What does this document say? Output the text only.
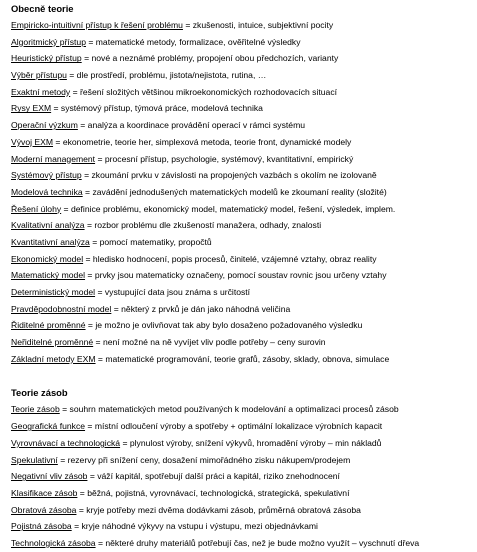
Obecně teorie
Empiricko-intuitivní přístup k řešení problému = zkušenosti, intuice, subjektivní pocity
Algoritmický přístup = matematické metody, formalizace, ověřitelné výsledky
Heuristický přístup = nové a neznámé problémy, propojení obou předchozích, varianty
Výběr přístupu = dle prostředí, problému, jistota/nejistota, rutina, …
Exaktní metody = řešení složitých většinou mikroekonomických rozhodovacích situací
Rysy EXM = systémový přístup, týmová práce, modelová technika
Operační výzkum = analýza a koordinace provádění operací v rámci systému
Vývoj EXM = ekonometrie, teorie her, simplexová metoda, teorie front, dynamické modely
Moderní management = procesní přístup, psychologie, systémový, kvantitativní, empirický
Systémový přístup = zkoumání prvku v závislosti na propojených vazbách s okolím ne izolovaně
Modelová technika = zavádění jednodušených matematických modelů ke zkoumaní reality (složité)
Řešení úlohy = definice problému, ekonomický model, matematický model, řešení, výsledek, implem.
Kvalitativní analýza = rozbor problému dle zkušeností manažera, odhady, znalosti
Kvantitativní analýza = pomocí matematiky, propočtů
Ekonomický model = hledisko hodnocení, popis procesů, činitelé, vzájemné vztahy, obraz reality
Matematický model = prvky jsou matematicky označeny, pomocí soustav rovnic jsou určeny vztahy
Deterministický model = vystupující data jsou známa s určitostí
Pravděpodobnostní model = některý z prvků je dán jako náhodná veličina
Řiditelné proměnné = je možno je ovlivňovat tak aby bylo dosaženo požadovaného výsledku
Neřiditelné proměnné = není možné na ně vyvíjet vliv podle potřeby – ceny surovin
Základní metody EXM = matematické programování, teorie grafů, zásoby, sklady, obnova, simulace
Teorie zásob
Teorie zásob = souhrn matematických metod používaných k modelování a optimalizaci procesů zásob
Geografická funkce = místní odloučení výroby a spotřeby + optimální lokalizace výrobních kapacit
Vyrovnávací a technologická = plynulost výroby, snížení výkyvů, hromadění výroby – min nákladů
Spekulativní = rezervy při snížení ceny, dosažení mimořádného zisku nákupem/prodejem
Negativní vliv zásob = váží kapitál, spotřebují další práci a kapitál, riziko znehodnocení
Klasifikace zásob = běžná, pojistná, vyrovnávací, technologická, strategická, spekulativní
Obratová zásoba = kryje potřeby mezi dvěma dodávkami zásob, průměrná obratová zásoba
Pojistná zásoba = kryje náhodné výkyvy na vstupu i výstupu, mezi objednávkami
Technologická zásoba = některé druhy materiálů potřebují čas, než je bude možno využít – vyschnutí dřeva
